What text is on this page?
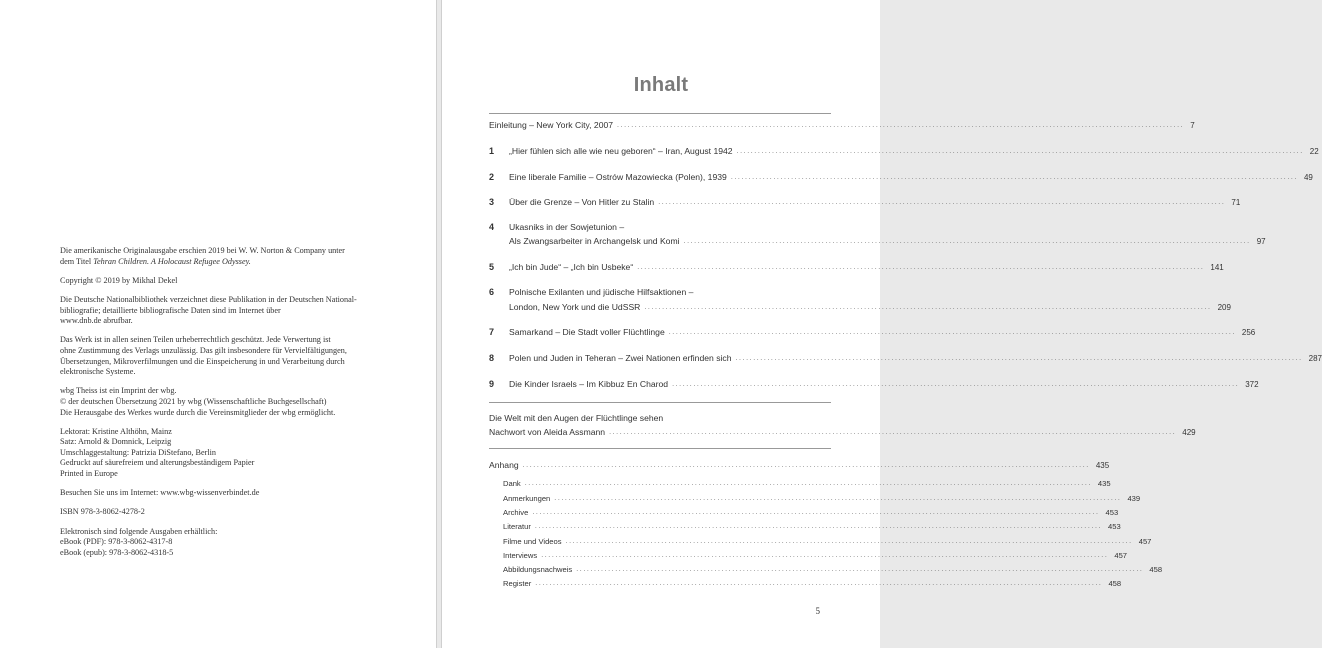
Die amerikanische Originalausgabe erschien 2019 bei W. W. Norton & Company unter
dem Titel Tehran Children. A Holocaust Refugee Odyssey.

Copyright © 2019 by Mikhal Dekel

Die Deutsche Nationalbibliothek verzeichnet diese Publikation in der Deutschen National-
bibliografie; detaillierte bibliografische Daten sind im Internet über
www.dnb.de abrufbar.

Das Werk ist in allen seinen Teilen urheberrechtlich geschützt. Jede Verwertung ist
ohne Zustimmung des Verlags unzulässig. Das gilt insbesondere für Vervielfältigungen,
Übersetzungen, Mikroverfilmungen und die Einspeicherung in und Verarbeitung durch
elektronische Systeme.

wbg Theiss ist ein Imprint der wbg.
© der deutschen Übersetzung 2021 by wbg (Wissenschaftliche Buchgesellschaft)
Die Herausgabe des Werkes wurde durch die Vereinsmitglieder der wbg ermöglicht.

Lektorat: Kristine Althöhn, Mainz
Satz: Arnold & Domnick, Leipzig
Umschlaggestaltung: Patrizia DiStefano, Berlin
Gedruckt auf säurefreiem und alterungsbeständigem Papier
Printed in Europe

Besuchen Sie uns im Internet: www.wbg-wissenverbindet.de

ISBN 978-3-8062-4278-2

Elektronisch sind folgende Ausgaben erhältlich:
eBook (PDF): 978-3-8062-4317-8
eBook (epub): 978-3-8062-4318-5

Inhalt
Einleitung – New York City, 2007 ................................................................................................................................................................ 7
1	„Hier fühlen sich alle wie neu geboren“ – Iran, August 1942 ................................................................................................................................................................ 22
2	Eine liberale Familie – Ostrów Mazowiecka (Polen), 1939 ................................................................................................................................................................ 49
3	Über die Grenze – Von Hitler zu Stalin ................................................................................................................................................................ 71
4 Ukasniks in der Sowjetunion –
Als Zwangsarbeiter in Archangelsk und Komi ................................................................................................................................................................ 97
5	„Ich bin Jude“ – „Ich bin Usbeke“ ................................................................................................................................................................ 141
6 Polnische Exilanten und jüdische Hilfsaktionen –
London, New York und die UdSSR ................................................................................................................................................................ 209
7	Samarkand – Die Stadt voller Flüchtlinge ................................................................................................................................................................ 256
8	Polen und Juden in Teheran – Zwei Nationen erfinden sich ................................................................................................................................................................ 287
9	Die Kinder Israels – Im Kibbuz En Charod ................................................................................................................................................................ 372
Die Welt mit den Augen der Flüchtlinge sehen
Nachwort von Aleida Assmann ................................................................................................................................................................ 429
Anhang ................................................................................................................................................................ 435
Dank ................................................................................................................................................................ 435
Anmerkungen ................................................................................................................................................................ 439
Archive ................................................................................................................................................................ 453
Literatur ................................................................................................................................................................ 453
Filme und Videos ................................................................................................................................................................ 457
Interviews ................................................................................................................................................................ 457
Abbildungsnachweis ................................................................................................................................................................ 458
Register ................................................................................................................................................................ 458
5
